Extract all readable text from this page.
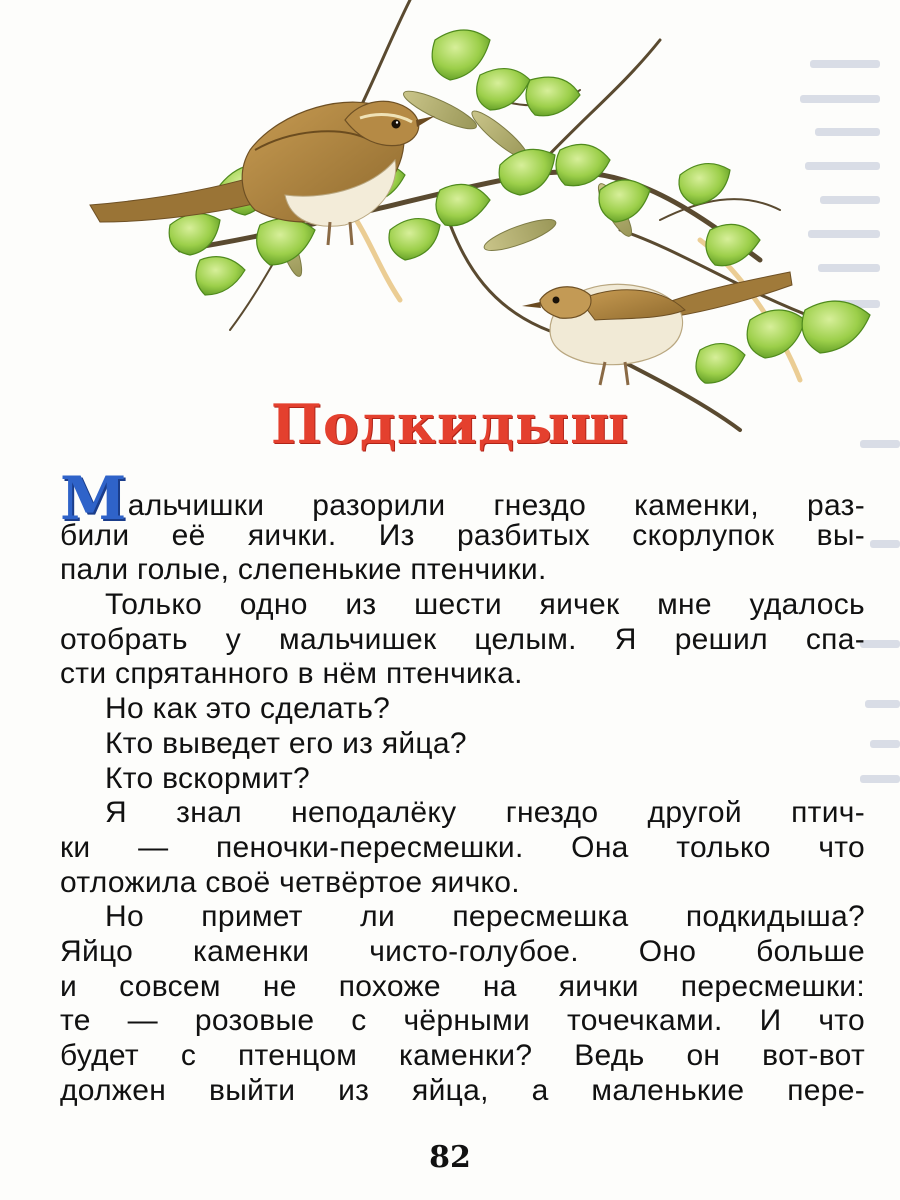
Подкидыш
Мальчишки разорили гнездо каменки, раз-
били её яички. Из разбитых скорлупок вы-
пали голые, слепенькие птенчики.
Только одно из шести яичек мне удалось
отобрать у мальчишек целым. Я решил спа-
сти спрятанного в нём птенчика.
Но как это сделать?
Кто выведет его из яйца?
Кто вскормит?
Я знал неподалёку гнездо другой птич-
ки — пеночки-пересмешки. Она только что
отложила своё четвёртое яичко.
Но примет ли пересмешка подкидыша?
Яйцо каменки чисто-голубое. Оно больше
и совсем не похоже на яички пересмешки:
те — розовые с чёрными точечками. И что
будет с птенцом каменки? Ведь он вот-вот
должен выйти из яйца, а маленькие пере-
82
